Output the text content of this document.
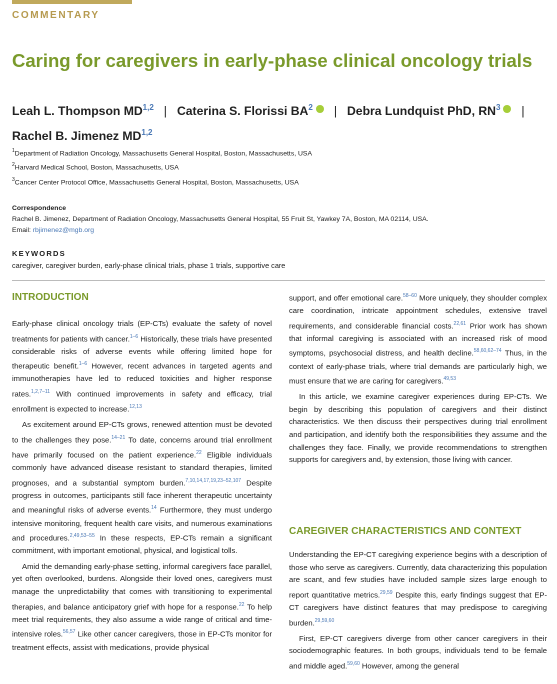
COMMENTARY
Caring for caregivers in early-phase clinical oncology trials
Leah L. Thompson MD$^{1,2}$ | Caterina S. Florissi $BA^2$ | Debra Lundquist PhD, $RN^3$ |
Rachel B. Jimenez MD$^{1,2}$
$^1$Department of Radiation Oncology, Massachusetts General Hospital, Boston, Massachusetts, USA
$^2$Harvard Medical School, Boston, Massachusetts, USA
$^3$Cancer Center Protocol Office, Massachusetts General Hospital, Boston, Massachusetts, USA
Correspondence
Rachel B. Jimenez, Department of Radiation Oncology, Massachusetts General Hospital, 55 Fruit St, Yawkey 7A, Boston, MA 02114, USA.
Email: rbjimenez@mgb.org
KEYWORDS
caregiver, caregiver burden, early-phase clinical trials, phase 1 trials, supportive care
INTRODUCTION

Early-phase clinical oncology trials (EP-CTs) evaluate the safety of novel treatments for patients with cancer.$^{1-6}$ Historically, these trials have presented considerable risks of adverse events while offering limited hope for therapeutic benefit.$^{1-6}$ However, recent advances in targeted agents and immunotherapies have led to reduced toxicities and higher response rates.$^{1,2,7-11}$ With continued improvements in safety and efficacy, trial enrollment is expected to increase.$^{12,13}$

As excitement around EP-CTs grows, renewed attention must be devoted to the challenges they pose.$^{14-21}$ To date, concerns around trial enrollment have primarily focused on the patient experience.$^{22}$ Eligible individuals commonly have advanced disease resistant to standard therapies, limited prognoses, and a substantial symptom burden.$^{7,10,14,17,19,23-52,107}$ Despite progress in outcomes, participants still face inherent therapeutic uncertainty and meaningful risks of adverse events.$^{14}$ Furthermore, they must undergo intensive monitoring, frequent health care visits, and numerous examinations and procedures.$^{2,49,53-55}$ In these respects, EP-CTs remain a significant commitment, with important emotional, physical, and logistical tolls.

Amid the demanding early-phase setting, informal caregivers face parallel, yet often overlooked, burdens. Alongside their loved ones, caregivers must manage the unpredictability that comes with transitioning to experimental therapies, and balance anticipatory grief with hope for a response.$^{22}$ To help meet trial requirements, they also assume a wide range of critical and time-intensive roles.$^{56,57}$ Like other cancer caregivers, those in EP-CTs monitor for treatment effects, assist with medications, provide physical

support, and offer emotional care.$^{58-60}$ More uniquely, they shoulder complex care coordination, intricate appointment schedules, extensive travel requirements, and considerable financial costs.$^{22,61}$ Prior work has shown that informal caregiving is associated with an increased risk of mood symptoms, psychosocial distress, and health decline.$^{58,60,62-74}$ Thus, in the context of early-phase trials, where trial demands are particularly high, we must ensure that we are caring for caregivers.$^{49,53}$

In this article, we examine caregiver experiences during EP-CTs. We begin by describing this population of caregivers and their distinct characteristics. We then discuss their perspectives during trial enrollment and participation, and identify both the responsibilities they assume and the challenges they face. Finally, we provide recommendations to strengthen supports for caregivers and, by extension, those living with cancer.

CAREGIVER CHARACTERISTICS AND CONTEXT

Understanding the EP-CT caregiving experience begins with a description of those who serve as caregivers. Currently, data characterizing this population are scant, and few studies have included sample sizes large enough to report quantitative metrics.$^{29,59}$ Despite this, early findings suggest that EP-CT caregivers have distinct features that may predispose to caregiving burden.$^{29,59,60}$

First, EP-CT caregivers diverge from other cancer caregivers in their sociodemographic features. In both groups, individuals tend to be female and middle aged.$^{59,60}$ However, among the general
